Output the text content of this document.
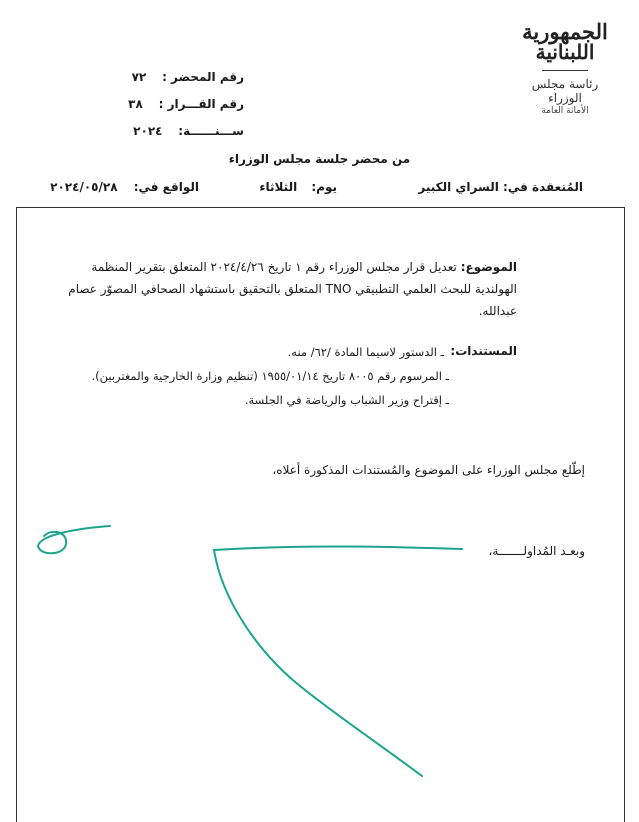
الجمهورية
اللبنانية
رئاسة مجلس الوزراء
الأمانة العامة
رقم المحضر : ٧٢
رقم القـــرار : ٣٨
ســـنــــــة: ٢٠٢٤
من محضر جلسة مجلس الوزراء
المُنعقدة في: السراي الكبير
يوم: الثلاثاء
الواقع في: ٢٠٢٤/٠٥/٢٨
الموضوع: تعديل قرار مجلس الوزراء رقم ١ تاريخ ٢٠٢٤/٤/٢٦ المتعلق بتقرير المنظمة الهولندية للبحث العلمي التطبيقي TNO المتعلق بالتحقيق باستشهاد الصحافي المصوّر عصام عبدالله.
المستندات:
ـ الدستور لاسيما المادة /٦٢/ منه.
ـ المرسوم رقم ٨٠٠٥ تاريخ ١٩٥٥/٠١/١٤ (تنظيم وزارة الخارجية والمغتربين).
ـ إقتراح وزير الشباب والرياضة في الجلسة.
إطّلع مجلس الوزراء على الموضوع والمُستندات المذكورة أعلاه،
وبعـد المُداولـــــــة،
